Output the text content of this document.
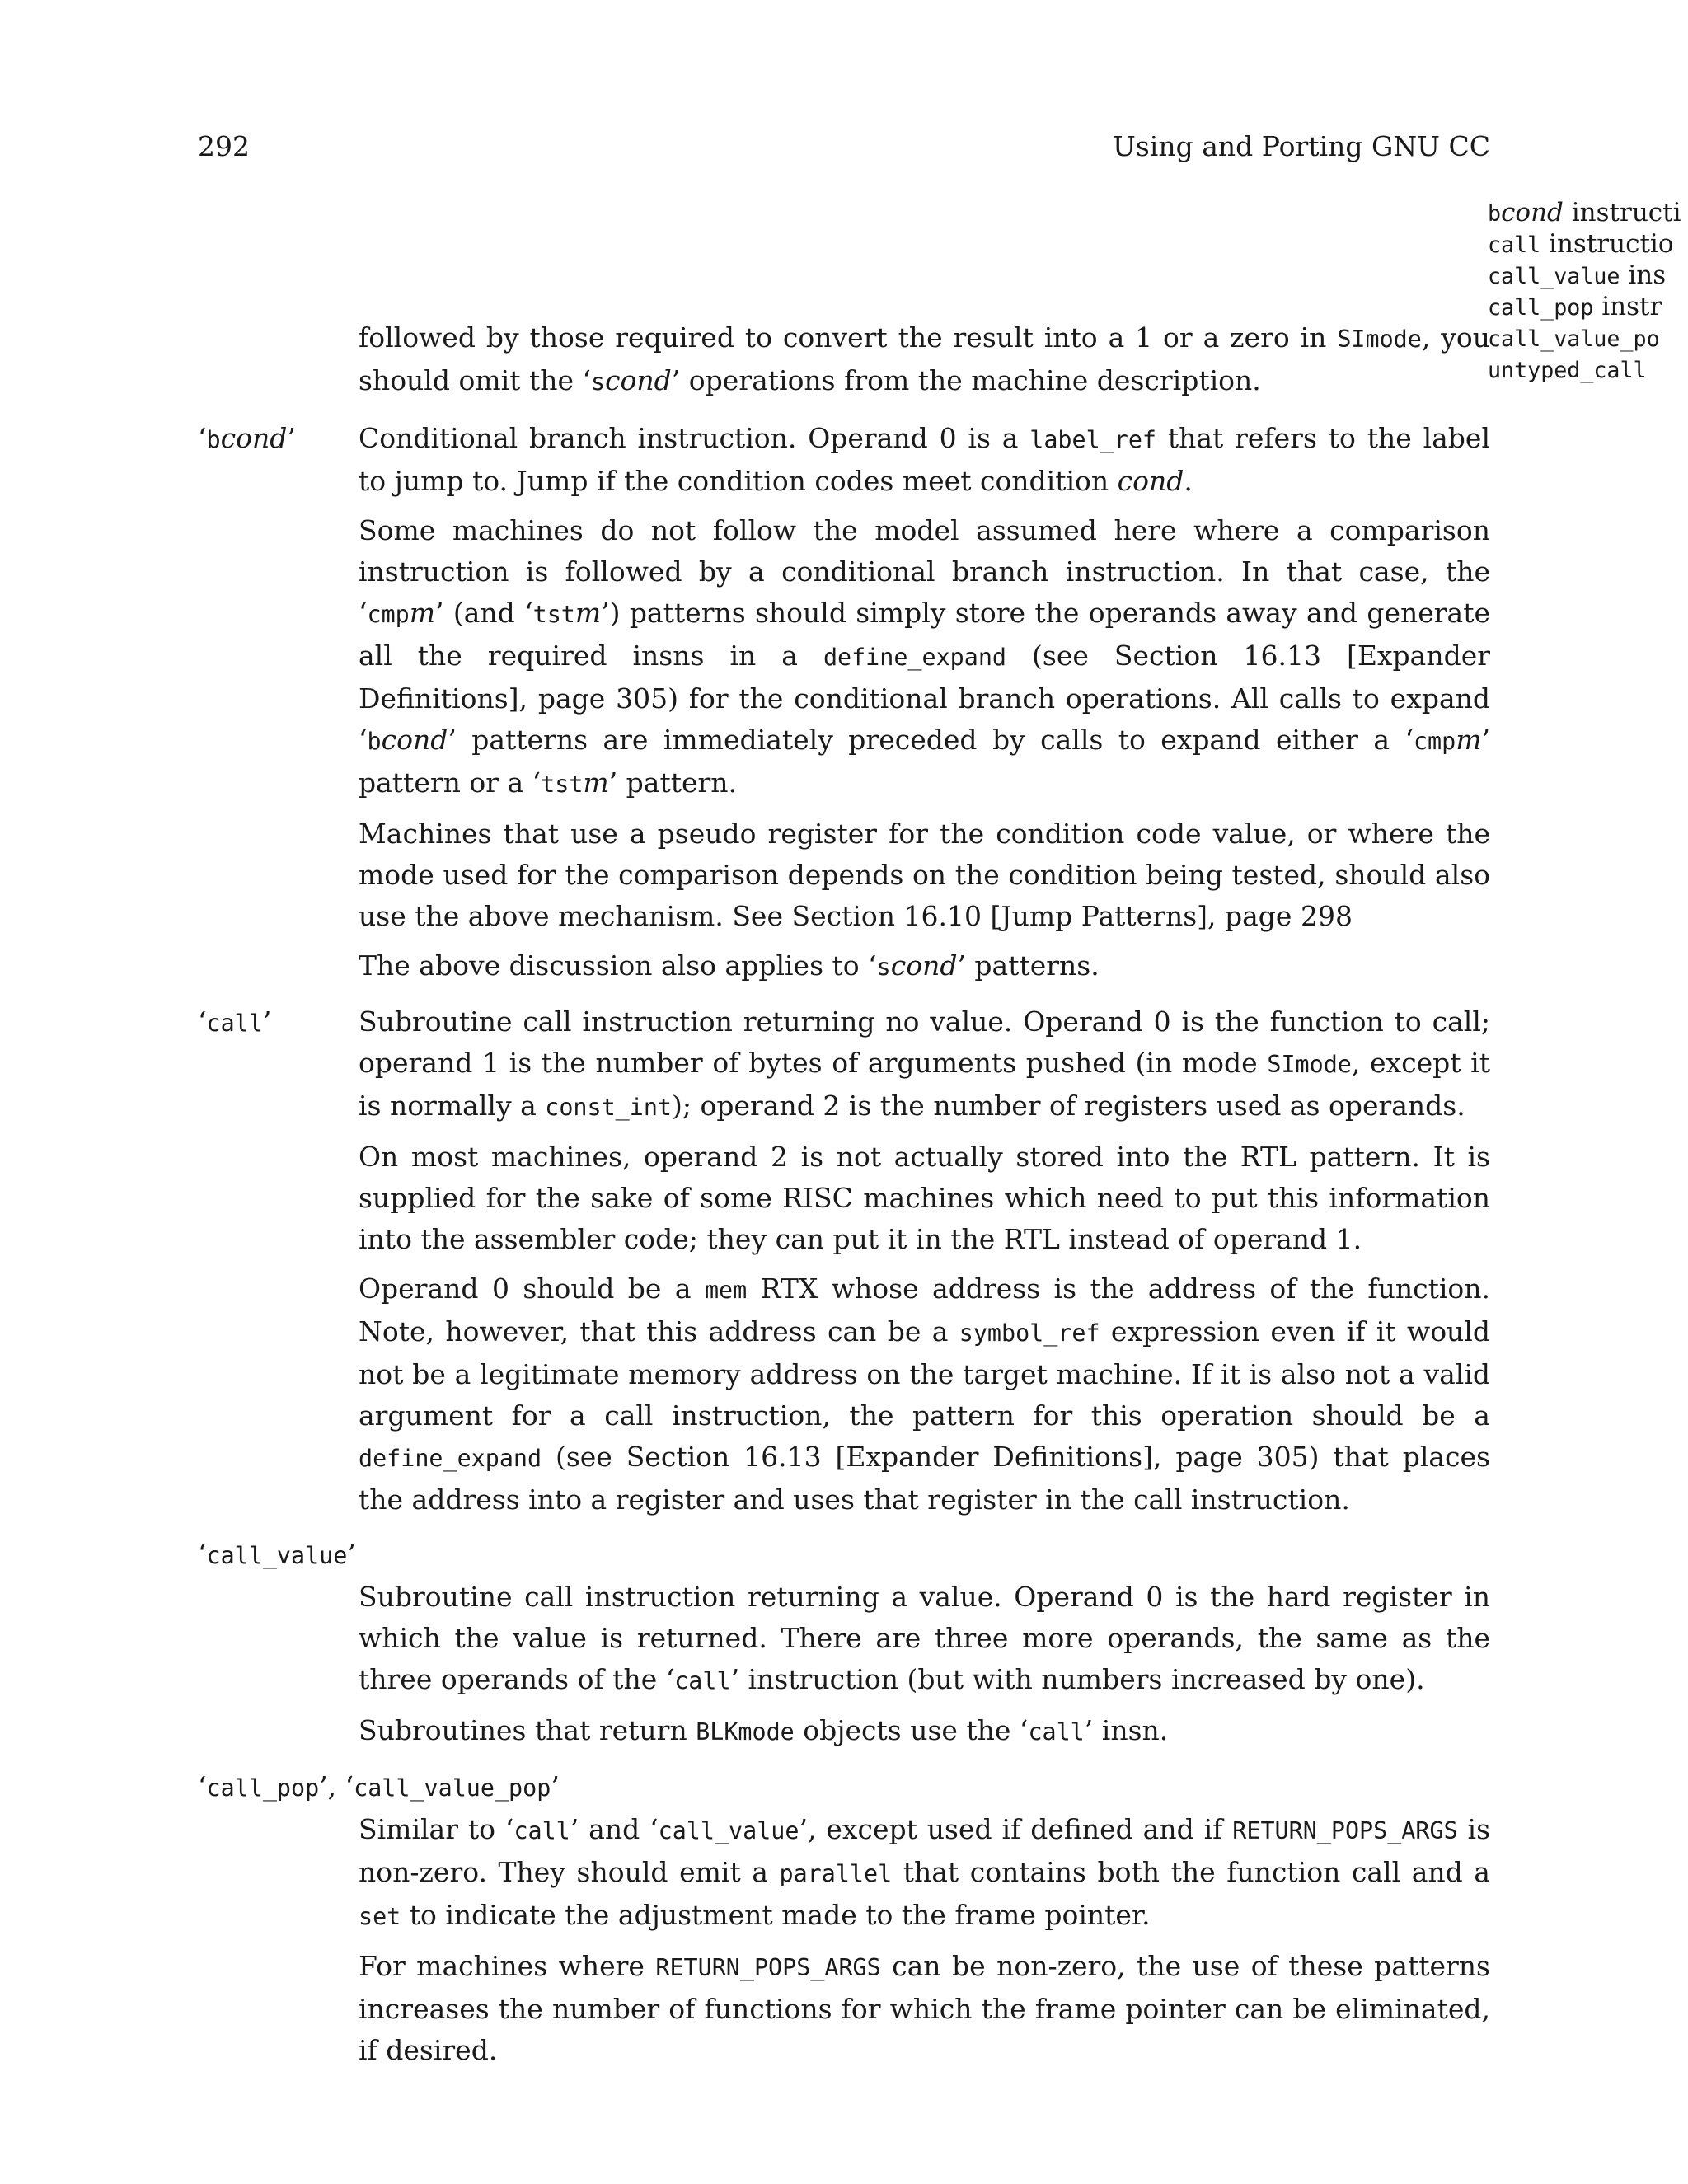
292	Using and Porting GNU CC
bcond instructi
call instructio
call_value ins
call_pop instr
call_value_po
untyped_call

followed by those required to convert the result into a 1 or a zero in SImode, you should omit the ‘scond’ operations from the machine description.

‘bcond’ Conditional branch instruction. Operand 0 is a label_ref that refers to the label to jump to. Jump if the condition codes meet condition cond.

Some machines do not follow the model assumed here where a comparison instruction is followed by a conditional branch instruction. In that case, the ‘cmpm’ (and ‘tstm’) patterns should simply store the operands away and generate all the required insns in a define_expand (see Section 16.13 [Expander Definitions], page 305) for the conditional branch operations. All calls to expand ‘bcond’ patterns are immediately preceded by calls to expand either a ‘cmpm’ pattern or a ‘tstm’ pattern.

Machines that use a pseudo register for the condition code value, or where the mode used for the comparison depends on the condition being tested, should also use the above mechanism. See Section 16.10 [Jump Patterns], page 298

The above discussion also applies to ‘scond’ patterns.

‘call’	Subroutine call instruction returning no value. Operand 0 is the function to call; operand 1 is the number of bytes of arguments pushed (in mode SImode, except it is normally a const_int); operand 2 is the number of registers used as operands.

On most machines, operand 2 is not actually stored into the RTL pattern. It is supplied for the sake of some RISC machines which need to put this information into the assembler code; they can put it in the RTL instead of operand 1.

Operand 0 should be a mem RTX whose address is the address of the function. Note, however, that this address can be a symbol_ref expression even if it would not be a legitimate memory address on the target machine. If it is also not a valid argument for a call instruction, the pattern for this operation should be a define_expand (see Section 16.13 [Expander Definitions], page 305) that places the address into a register and uses that register in the call instruction.

‘call_value’

Subroutine call instruction returning a value. Operand 0 is the hard register in which the value is returned. There are three more operands, the same as the three operands of the ‘call’ instruction (but with numbers increased by one).

Subroutines that return BLKmode objects use the ‘call’ insn.

‘call_pop’, ‘call_value_pop’

Similar to ‘call’ and ‘call_value’, except used if defined and if RETURN_POPS_ARGS is non-zero. They should emit a parallel that contains both the function call and a set to indicate the adjustment made to the frame pointer.

For machines where RETURN_POPS_ARGS can be non-zero, the use of these patterns increases the number of functions for which the frame pointer can be eliminated, if desired.
